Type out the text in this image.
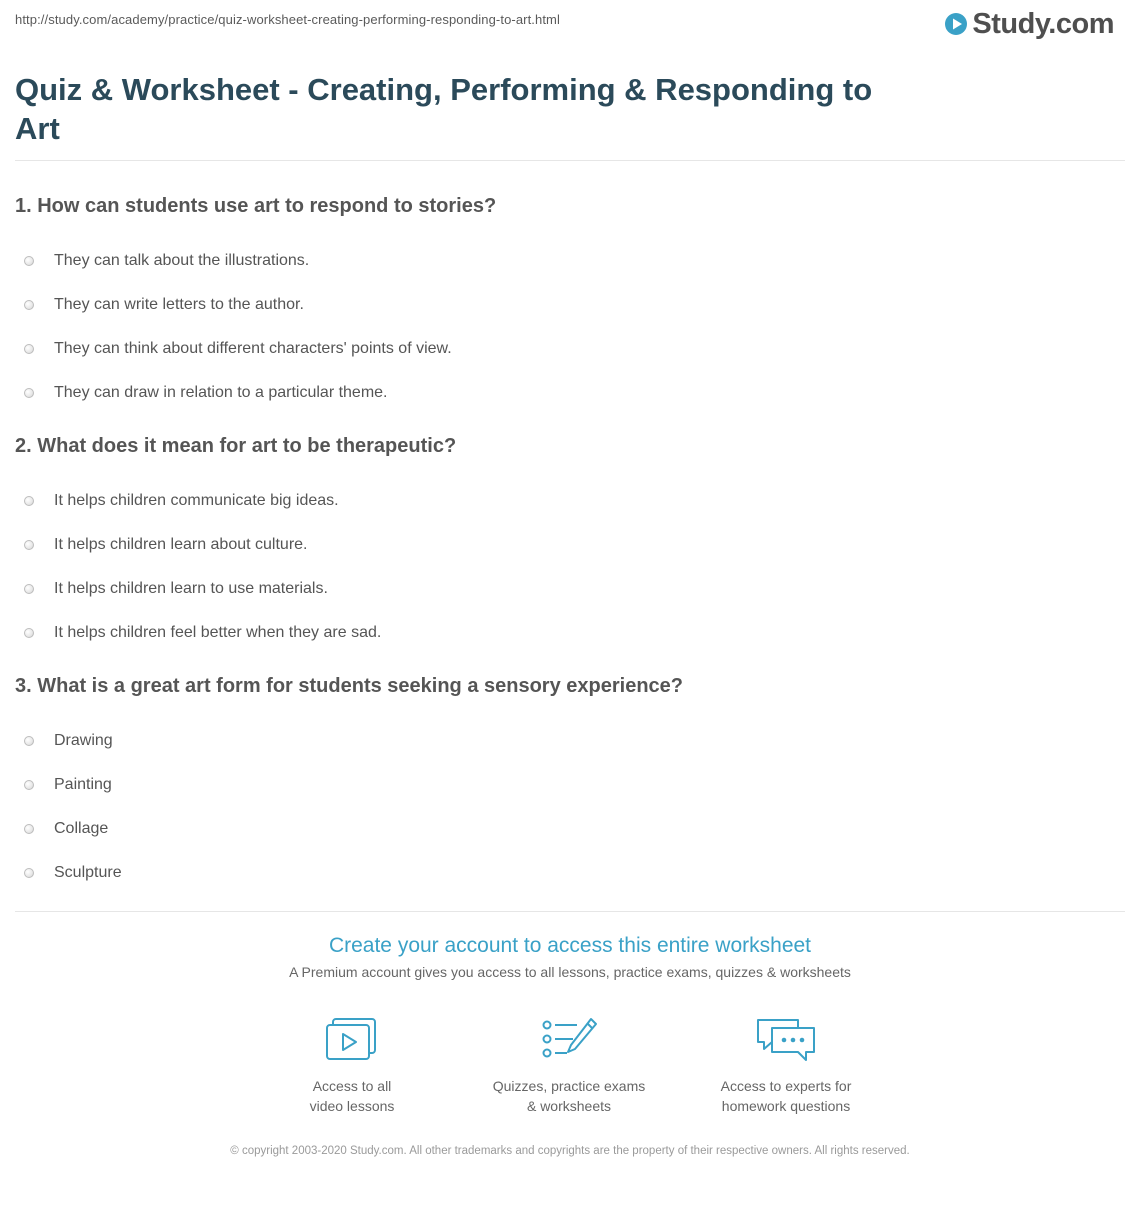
http://study.com/academy/practice/quiz-worksheet-creating-performing-responding-to-art.html	Study.com
Quiz & Worksheet - Creating, Performing & Responding to Art

1. How can students use art to respond to stories?

They can talk about the illustrations.
They can write letters to the author.
They can think about different characters' points of view.
They can draw in relation to a particular theme.

2. What does it mean for art to be therapeutic?

It helps children communicate big ideas.
It helps children learn about culture.
It helps children learn to use materials.
It helps children feel better when they are sad.

3. What is a great art form for students seeking a sensory experience?

Drawing
Painting
Collage
Sculpture
Create your account to access this entire worksheet
A Premium account gives you access to all lessons, practice exams, quizzes & worksheets
Access to all
video lessons
Quizzes, practice exams
& worksheets
Access to experts for
homework questions
© copyright 2003-2020 Study.com. All other trademarks and copyrights are the property of their respective owners. All rights reserved.
